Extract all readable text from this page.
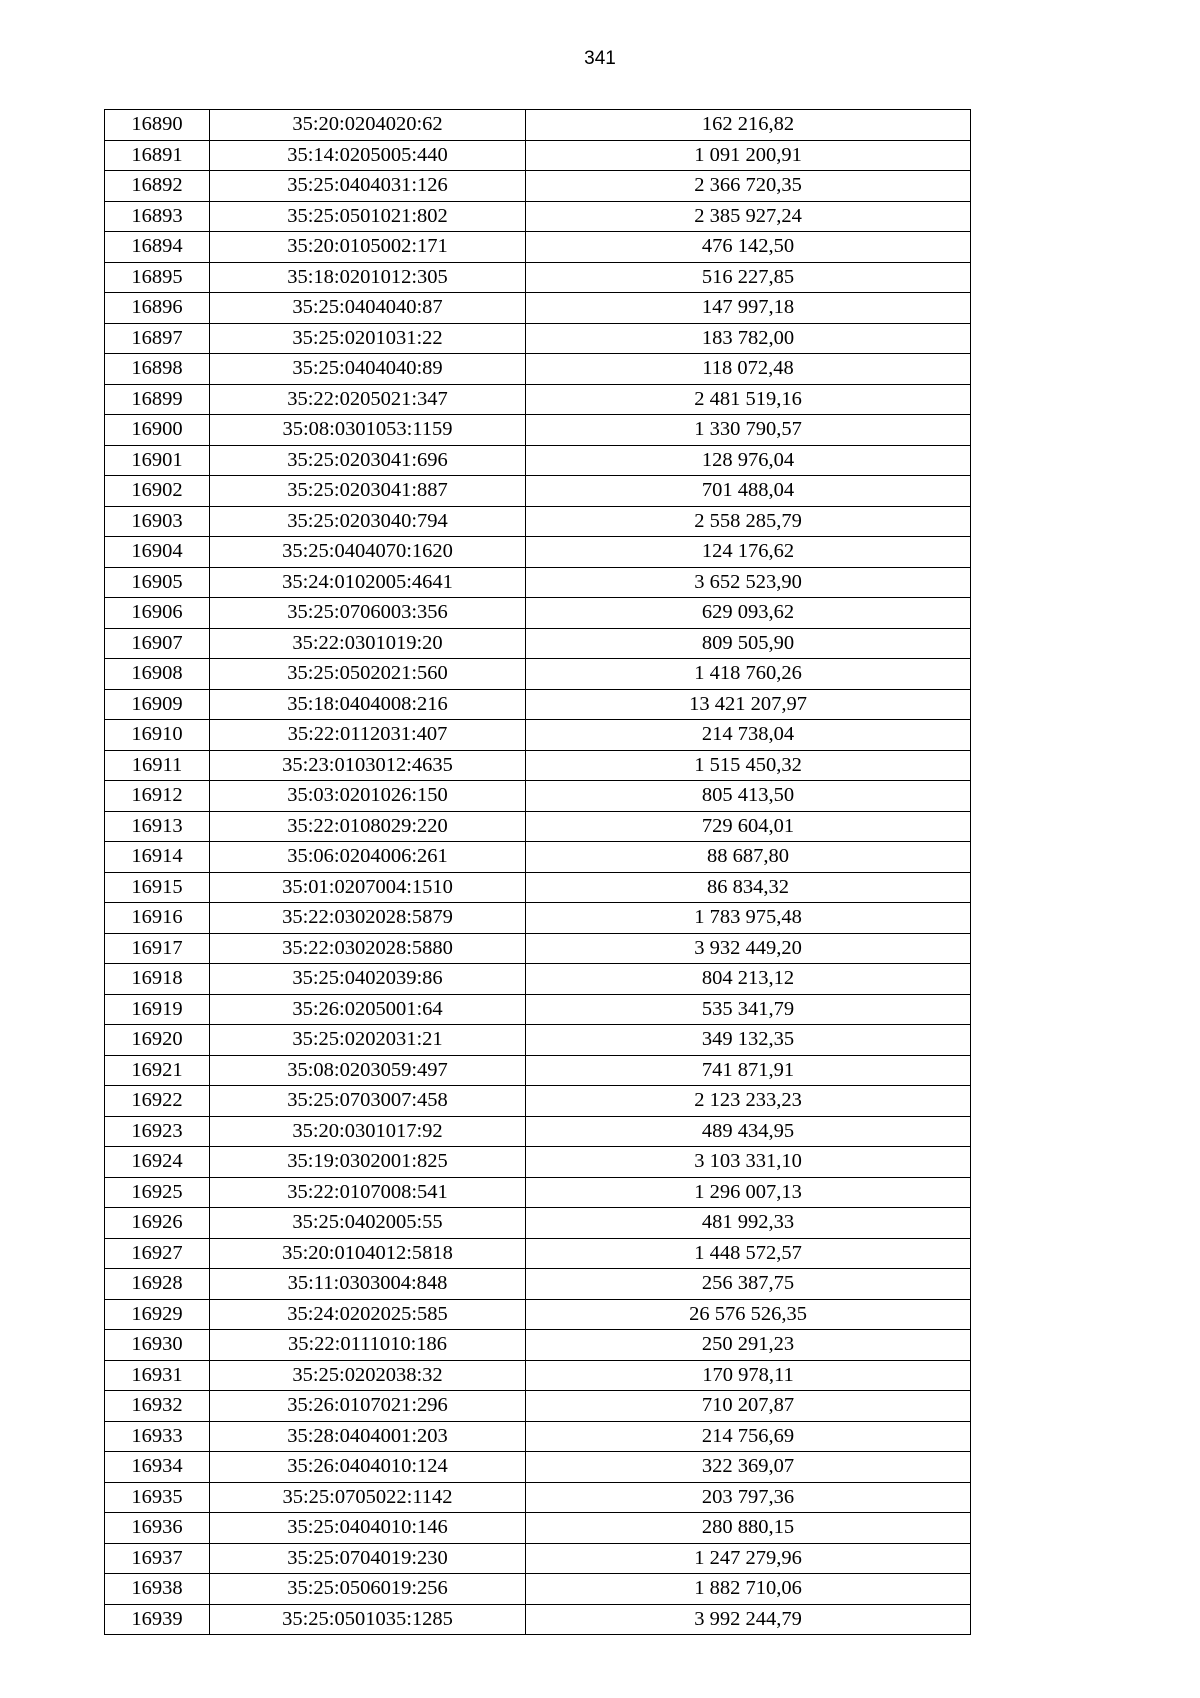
341
16890	35:20:0204020:62	162 216,82
16891	35:14:0205005:440	1 091 200,91
16892	35:25:0404031:126	2 366 720,35
16893	35:25:0501021:802	2 385 927,24
16894	35:20:0105002:171	476 142,50
16895	35:18:0201012:305	516 227,85
16896	35:25:0404040:87	147 997,18
16897	35:25:0201031:22	183 782,00
16898	35:25:0404040:89	118 072,48
16899	35:22:0205021:347	2 481 519,16
16900	35:08:0301053:1159	1 330 790,57
16901	35:25:0203041:696	128 976,04
16902	35:25:0203041:887	701 488,04
16903	35:25:0203040:794	2 558 285,79
16904	35:25:0404070:1620	124 176,62
16905	35:24:0102005:4641	3 652 523,90
16906	35:25:0706003:356	629 093,62
16907	35:22:0301019:20	809 505,90
16908	35:25:0502021:560	1 418 760,26
16909	35:18:0404008:216	13 421 207,97
16910	35:22:0112031:407	214 738,04
16911	35:23:0103012:4635	1 515 450,32
16912	35:03:0201026:150	805 413,50
16913	35:22:0108029:220	729 604,01
16914	35:06:0204006:261	88 687,80
16915	35:01:0207004:1510	86 834,32
16916	35:22:0302028:5879	1 783 975,48
16917	35:22:0302028:5880	3 932 449,20
16918	35:25:0402039:86	804 213,12
16919	35:26:0205001:64	535 341,79
16920	35:25:0202031:21	349 132,35
16921	35:08:0203059:497	741 871,91
16922	35:25:0703007:458	2 123 233,23
16923	35:20:0301017:92	489 434,95
16924	35:19:0302001:825	3 103 331,10
16925	35:22:0107008:541	1 296 007,13
16926	35:25:0402005:55	481 992,33
16927	35:20:0104012:5818	1 448 572,57
16928	35:11:0303004:848	256 387,75
16929	35:24:0202025:585	26 576 526,35
16930	35:22:0111010:186	250 291,23
16931	35:25:0202038:32	170 978,11
16932	35:26:0107021:296	710 207,87
16933	35:28:0404001:203	214 756,69
16934	35:26:0404010:124	322 369,07
16935	35:25:0705022:1142	203 797,36
16936	35:25:0404010:146	280 880,15
16937	35:25:0704019:230	1 247 279,96
16938	35:25:0506019:256	1 882 710,06
16939	35:25:0501035:1285	3 992 244,79
